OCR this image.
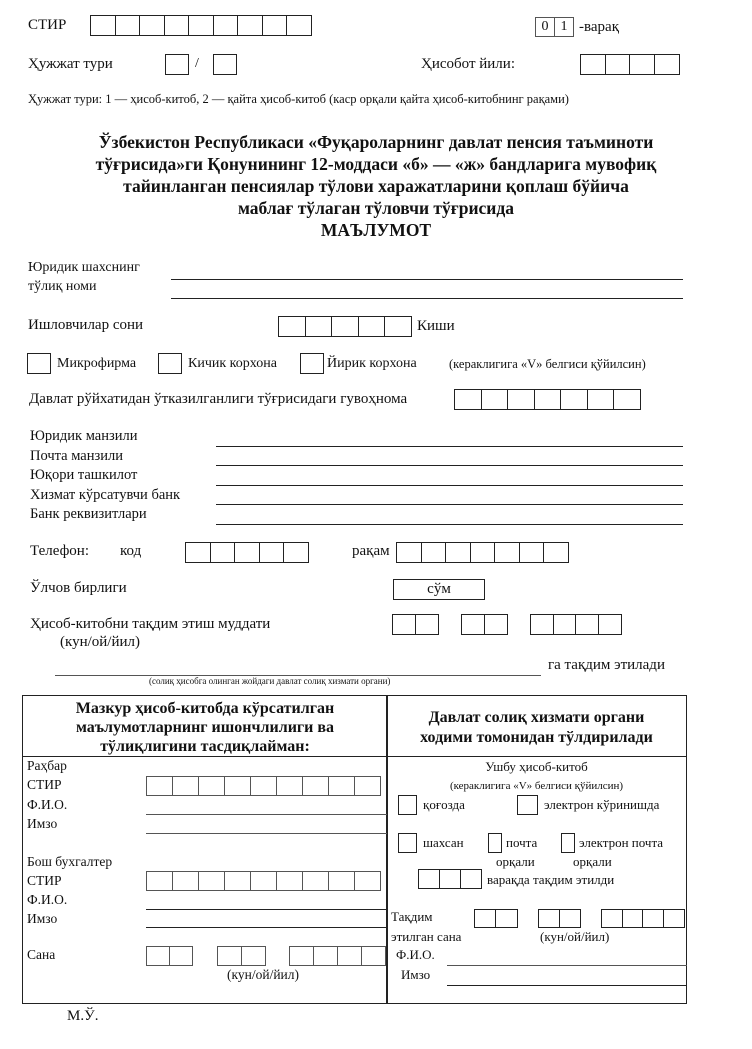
СТИР	0 1 -варақ
Ҳужжат тури	/	Ҳисобот йили:
Ҳужжат тури: 1 — ҳисоб-китоб, 2 — қайта ҳисоб-китоб (каср орқали қайта ҳисоб-китобнинг рақами)
Ўзбекистон Республикаси «Фуқароларнинг давлат пенсия таъминоти
тўғрисида»ги Қонунининг 12-моддаси «б» — «ж» бандларига мувофиқ
тайинланган пенсиялар тўлови харажатларини қоплаш бўйича
маблағ тўлаган тўловчи тўғрисида
МАЪЛУМОТ
Юридик шахснинг
тўлиқ номи
Ишловчилар сони	Киши
Микрофирма	Кичик корхона	Йирик корхона	(кераклигига «V» белгиси қўйилсин)
Давлат рўйхатидан ўтказилганлиги тўғрисидаги гувоҳнома
Юридик манзили
Почта манзили
Юқори ташкилот
Хизмат кўрсатувчи банк
Банк реквизитлари
Телефон: код	рақам
Ўлчов бирлиги	сўм
Ҳисоб-китобни тақдим этиш муддати
(кун/ой/йил)
га тақдим этилади
(солиқ ҳисобга олинган жойдаги давлат солиқ хизмати органи)
Мазкур ҳисоб-китобда кўрсатилган
маълумотларнинг ишончлилиги ва
тўлиқлигини тасдиқлайман:
Раҳбар
СТИР
Ф.И.О.
Имзо
Бош бухгалтер
СТИР
Ф.И.О.
Имзо
Сана
(кун/ой/йил)
Давлат солиқ хизмати органи
ходими томонидан тўлдирилади
Ушбу ҳисоб-китоб
(кераклигига «V» белгиси қўйилсин)
қоғозда	электрон кўринишда
шахсан	почта
орқали
электрон почта
орқали
варақда тақдим этилди
Тақдим
этилган сана	(кун/ой/йил)
Ф.И.О.
Имзо
М.Ў.
